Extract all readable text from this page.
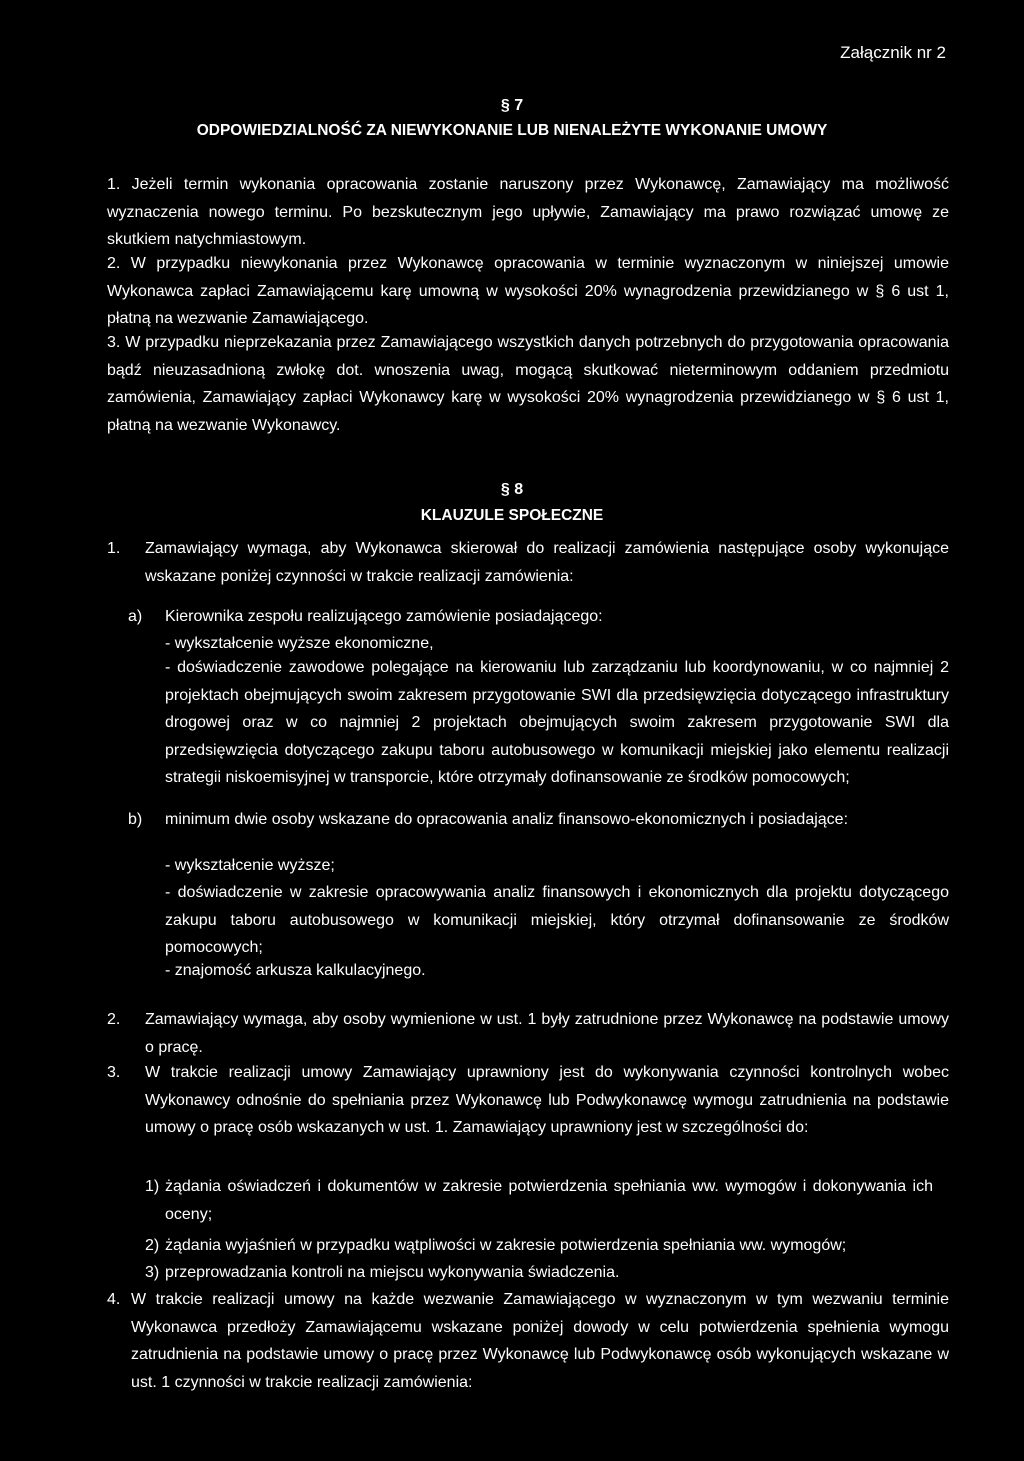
Załącznik nr 2
§ 7
ODPOWIEDZIALNOŚĆ ZA NIEWYKONANIE LUB NIENALEŻYTE WYKONANIE UMOWY
1. Jeżeli termin wykonania opracowania zostanie naruszony przez Wykonawcę, Zamawiający ma możliwość wyznaczenia nowego terminu. Po bezskutecznym jego upływie, Zamawiający ma prawo rozwiązać umowę ze skutkiem natychmiastowym.
2. W przypadku niewykonania przez Wykonawcę opracowania w terminie wyznaczonym w niniejszej umowie Wykonawca zapłaci Zamawiającemu karę umowną w wysokości 20% wynagrodzenia przewidzianego w § 6 ust 1, płatną na wezwanie Zamawiającego.
3. W przypadku nieprzekazania przez Zamawiającego wszystkich danych potrzebnych do przygotowania opracowania bądź nieuzasadnioną zwłokę dot. wnoszenia uwag, mogącą skutkować nieterminowym oddaniem przedmiotu zamówienia, Zamawiający zapłaci Wykonawcy karę w wysokości 20% wynagrodzenia przewidzianego w § 6 ust 1, płatną na wezwanie Wykonawcy.
§ 8
KLAUZULE SPOŁECZNE
1. Zamawiający wymaga, aby Wykonawca skierował do realizacji zamówienia następujące osoby wykonujące wskazane poniżej czynności w trakcie realizacji zamówienia:
a) Kierownika zespołu realizującego zamówienie posiadającego:
- wykształcenie wyższe ekonomiczne,
- doświadczenie zawodowe polegające na kierowaniu lub zarządzaniu lub koordynowaniu, w co najmniej 2 projektach obejmujących swoim zakresem przygotowanie SWI dla przedsięwzięcia dotyczącego infrastruktury drogowej oraz w co najmniej 2 projektach obejmujących swoim zakresem przygotowanie SWI dla przedsięwzięcia dotyczącego zakupu taboru autobusowego w komunikacji miejskiej jako elementu realizacji strategii niskoemisyjnej w transporcie, które otrzymały dofinansowanie ze środków pomocowych;
b) minimum dwie osoby wskazane do opracowania analiz finansowo-ekonomicznych i posiadające:
- wykształcenie wyższe;
- doświadczenie w zakresie opracowywania analiz finansowych i ekonomicznych dla projektu dotyczącego zakupu taboru autobusowego w komunikacji miejskiej, który otrzymał dofinansowanie ze środków pomocowych;
- znajomość arkusza kalkulacyjnego.
2. Zamawiający wymaga, aby osoby wymienione w ust. 1 były zatrudnione przez Wykonawcę na podstawie umowy o pracę.
3. W trakcie realizacji umowy Zamawiający uprawniony jest do wykonywania czynności kontrolnych wobec Wykonawcy odnośnie do spełniania przez Wykonawcę lub Podwykonawcę wymogu zatrudnienia na podstawie umowy o pracę osób wskazanych w ust. 1. Zamawiający uprawniony jest w szczególności do:
1) żądania oświadczeń i dokumentów w zakresie potwierdzenia spełniania ww. wymogów i dokonywania ich oceny;
2) żądania wyjaśnień w przypadku wątpliwości w zakresie potwierdzenia spełniania ww. wymogów;
3) przeprowadzania kontroli na miejscu wykonywania świadczenia.
4. W trakcie realizacji umowy na każde wezwanie Zamawiającego w wyznaczonym w tym wezwaniu terminie Wykonawca przedłoży Zamawiającemu wskazane poniżej dowody w celu potwierdzenia spełnienia wymogu zatrudnienia na podstawie umowy o pracę przez Wykonawcę lub Podwykonawcę osób wykonujących wskazane w ust. 1 czynności w trakcie realizacji zamówienia:
